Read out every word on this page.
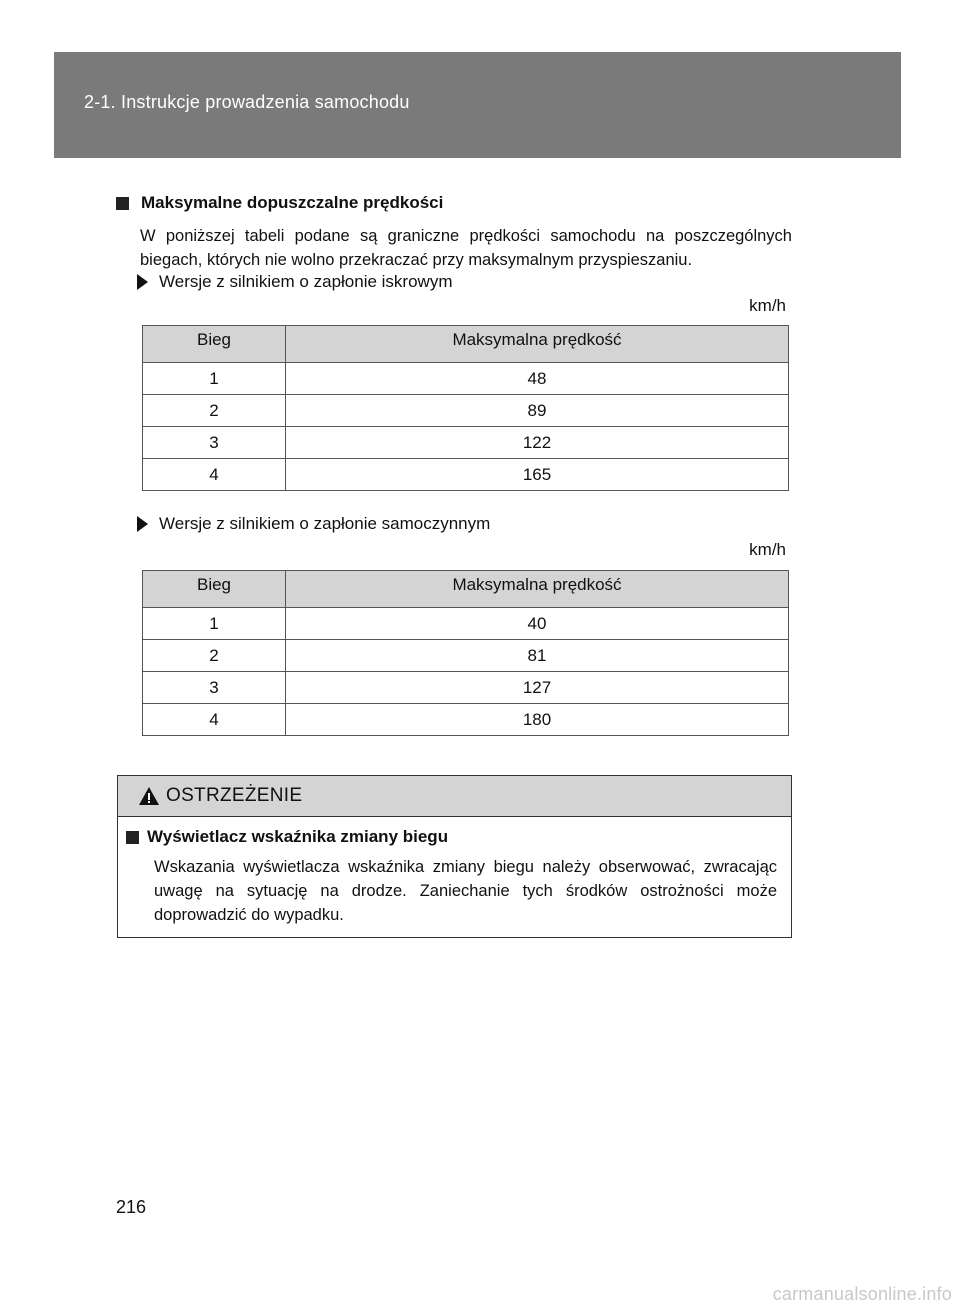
2-1. Instrukcje prowadzenia samochodu
Maksymalne dopuszczalne prędkości
W poniższej tabeli podane są graniczne prędkości samochodu na poszczególnych biegach, których nie wolno przekraczać przy maksymalnym przyspieszaniu.
Wersje z silnikiem o zapłonie iskrowym
km/h
Bieg	Maksymalna prędkość
1	48
2	89
3	122
4	165
Wersje z silnikiem o zapłonie samoczynnym
km/h
Bieg	Maksymalna prędkość
1	40
2	81
3	127
4	180
OSTRZEŻENIE
Wyświetlacz wskaźnika zmiany biegu
Wskazania wyświetlacza wskaźnika zmiany biegu należy obserwować, zwracając uwagę na sytuację na drodze. Zaniechanie tych środków ostrożności może doprowadzić do wypadku.
216
carmanualsonline.info
